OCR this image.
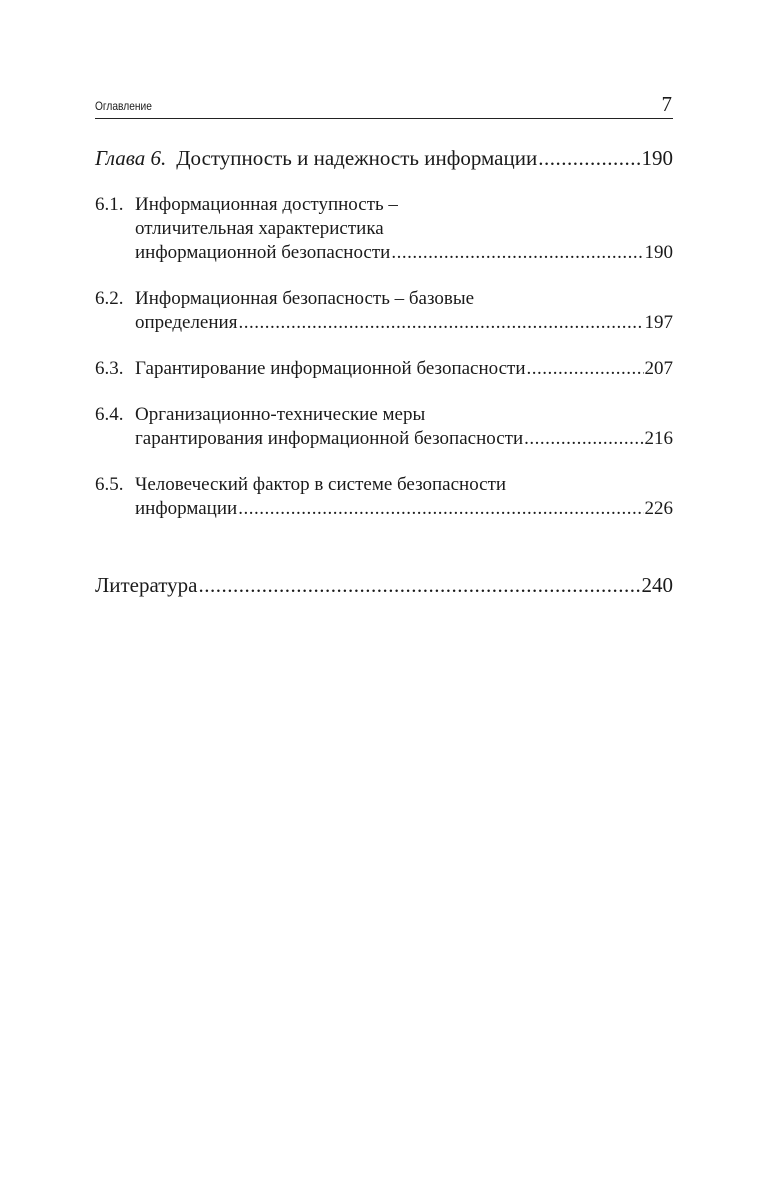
Оглавление	7
Глава 6. Доступность и надежность информации .....	190
6.1. Информационная доступность –
отличительная характеристика
информационной безопасности .....	190
6.2. Информационная безопасность – базовые
определения .....	197
6.3. Гарантирование информационной безопасности .....	207
6.4. Организационно-технические меры
гарантирования информационной безопасности .....	216
6.5. Человеческий фактор в системе безопасности
информации .....	226
Литература .....	240
